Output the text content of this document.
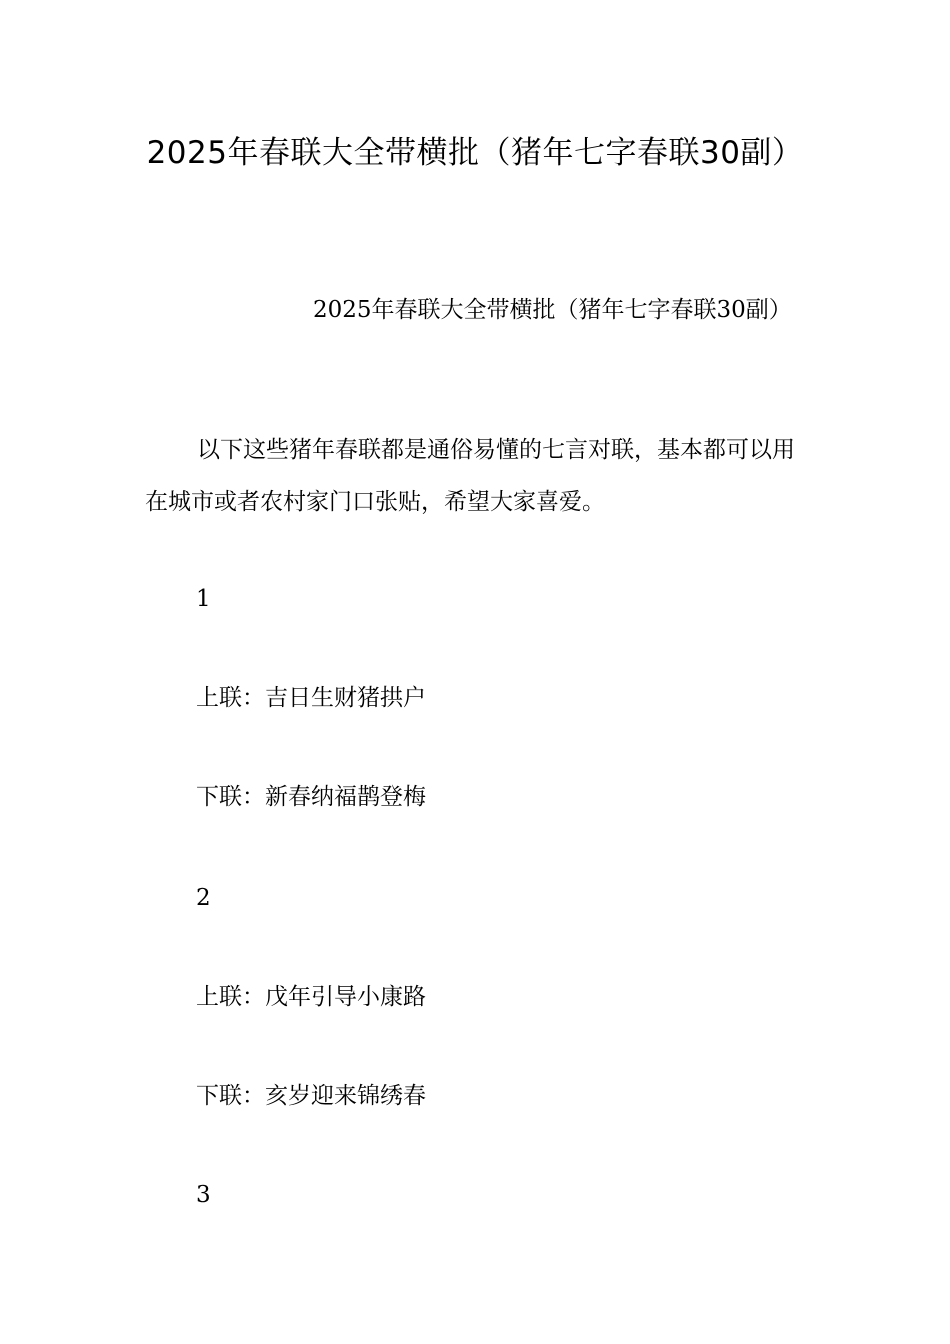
2025年春联大全带横批（猪年七字春联30副）

2025年春联大全带横批（猪年七字春联30副）

以下这些猪年春联都是通俗易懂的七言对联，基本都可以用在城市或者农村家门口张贴，希望大家喜爱。

1

上联：吉日生财猪拱户

下联：新春纳福鹊登梅

2

上联：戊年引导小康路

下联：亥岁迎来锦绣春

3
